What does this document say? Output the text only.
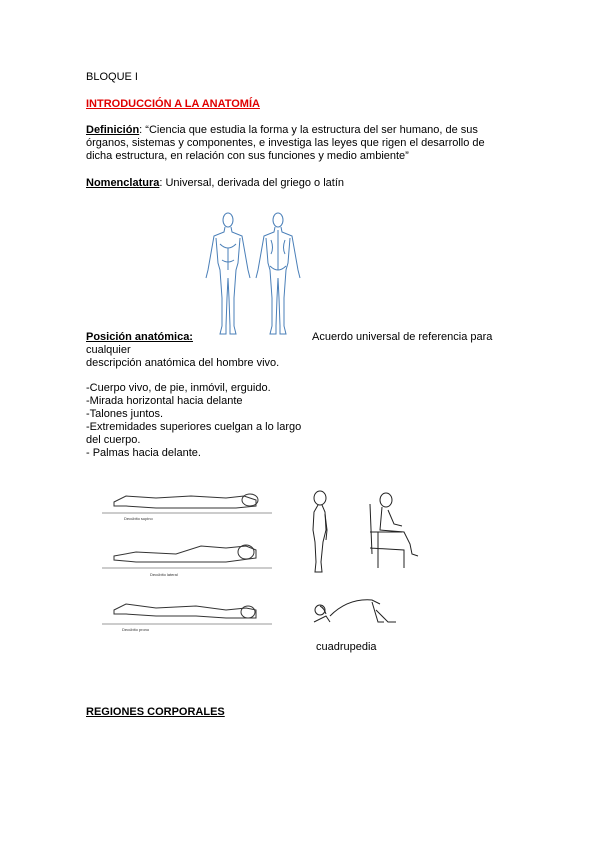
BLOQUE I
INTRODUCCIÓN A LA ANATOMÍA
Definición: “Ciencia que estudia la forma y la estructura del ser humano, de sus
órganos, sistemas y componentes, e investiga las leyes que rigen el desarrollo de
dicha estructura, en relación con sus funciones y medio ambiente”
Nomenclatura: Universal, derivada del griego o latín
Posición anatómica:	Acuerdo universal de referencia para
cualquier
descripción anatómica del hombre vivo.
-Cuerpo vivo, de pie, inmóvil, erguido.
-Mirada horizontal hacia delante
-Talones juntos.
-Extremidades superiores cuelgan a lo largo
del cuerpo.
- Palmas hacia delante.
Decúbito supino
Decúbito lateral
Decúbito prono
cuadrupedia
REGIONES CORPORALES
